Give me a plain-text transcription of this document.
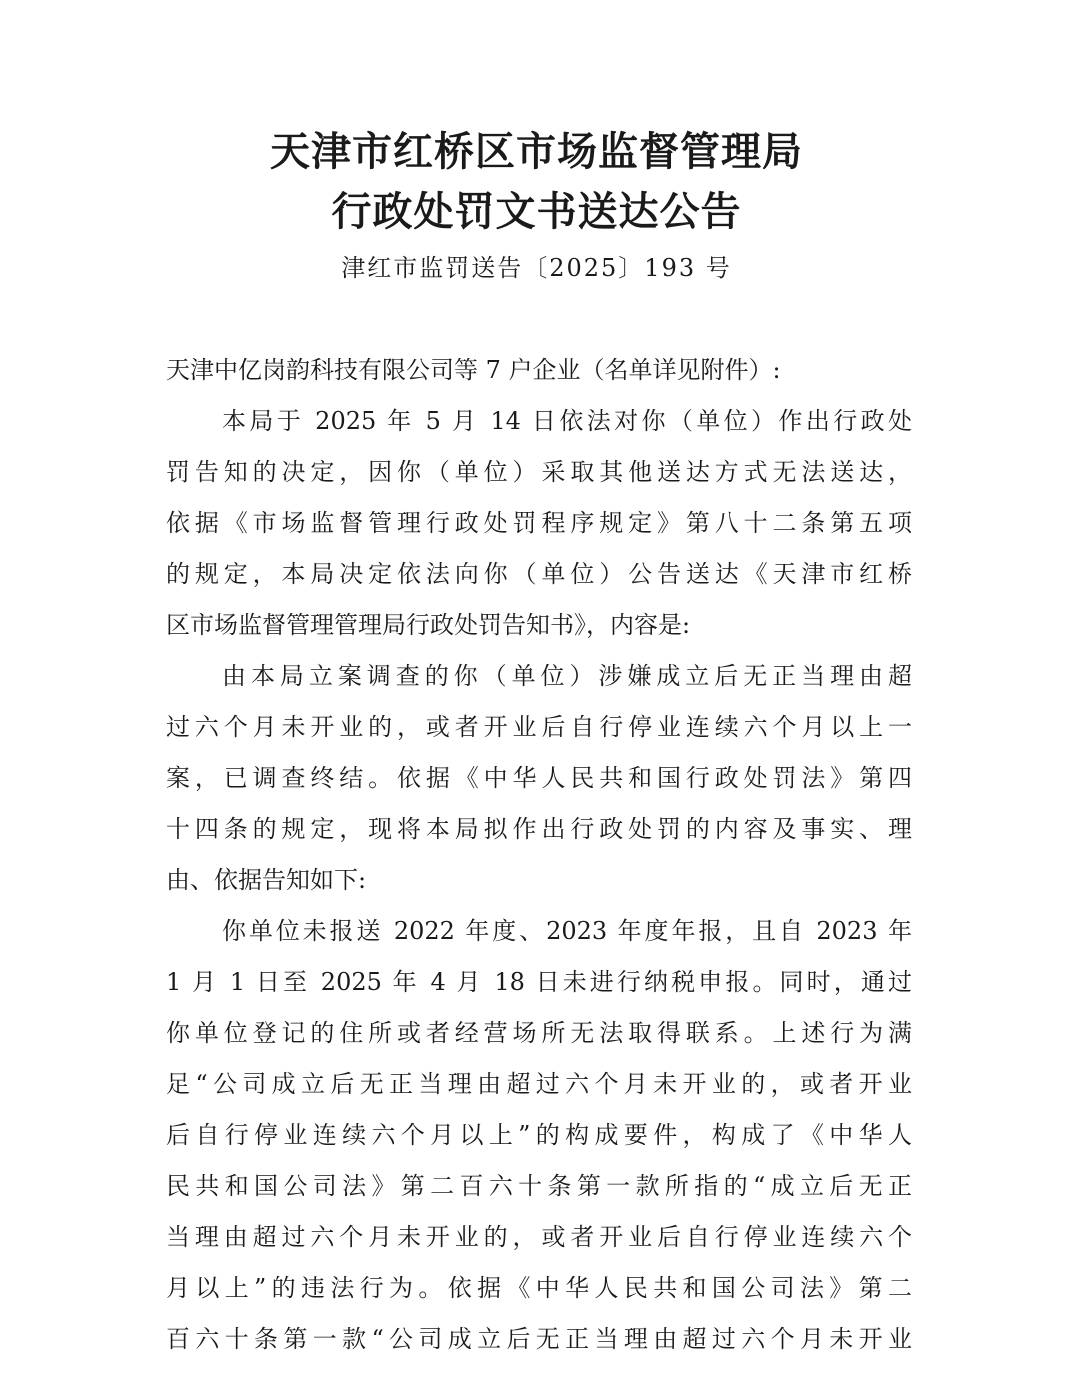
天津市红桥区市场监督管理局
行政处罚文书送达公告
津红市监罚送告〔2025〕193 号
天津中亿岗韵科技有限公司等 7 户企业（名单详见附件）:
本局于 2025 年 5 月 14 日依法对你（单位）作出行政处
罚告知的决定，因你（单位）采取其他送达方式无法送达，
依据《市场监督管理行政处罚程序规定》第八十二条第五项
的规定，本局决定依法向你（单位）公告送达《天津市红桥
区市场监督管理管理局行政处罚告知书》，内容是:
由本局立案调查的你（单位）涉嫌成立后无正当理由超
过六个月未开业的，或者开业后自行停业连续六个月以上一
案，已调查终结。依据《中华人民共和国行政处罚法》第四
十四条的规定，现将本局拟作出行政处罚的内容及事实、理
由、依据告知如下:
你单位未报送 2022 年度、2023 年度年报，且自 2023 年
1 月 1 日至 2025 年 4 月 18 日未进行纳税申报。同时，通过
你单位登记的住所或者经营场所无法取得联系。上述行为满
足“公司成立后无正当理由超过六个月未开业的，或者开业
后自行停业连续六个月以上”的构成要件，构成了《中华人
民共和国公司法》第二百六十条第一款所指的“成立后无正
当理由超过六个月未开业的，或者开业后自行停业连续六个
月以上”的违法行为。依据《中华人民共和国公司法》第二
百六十条第一款“公司成立后无正当理由超过六个月未开业
